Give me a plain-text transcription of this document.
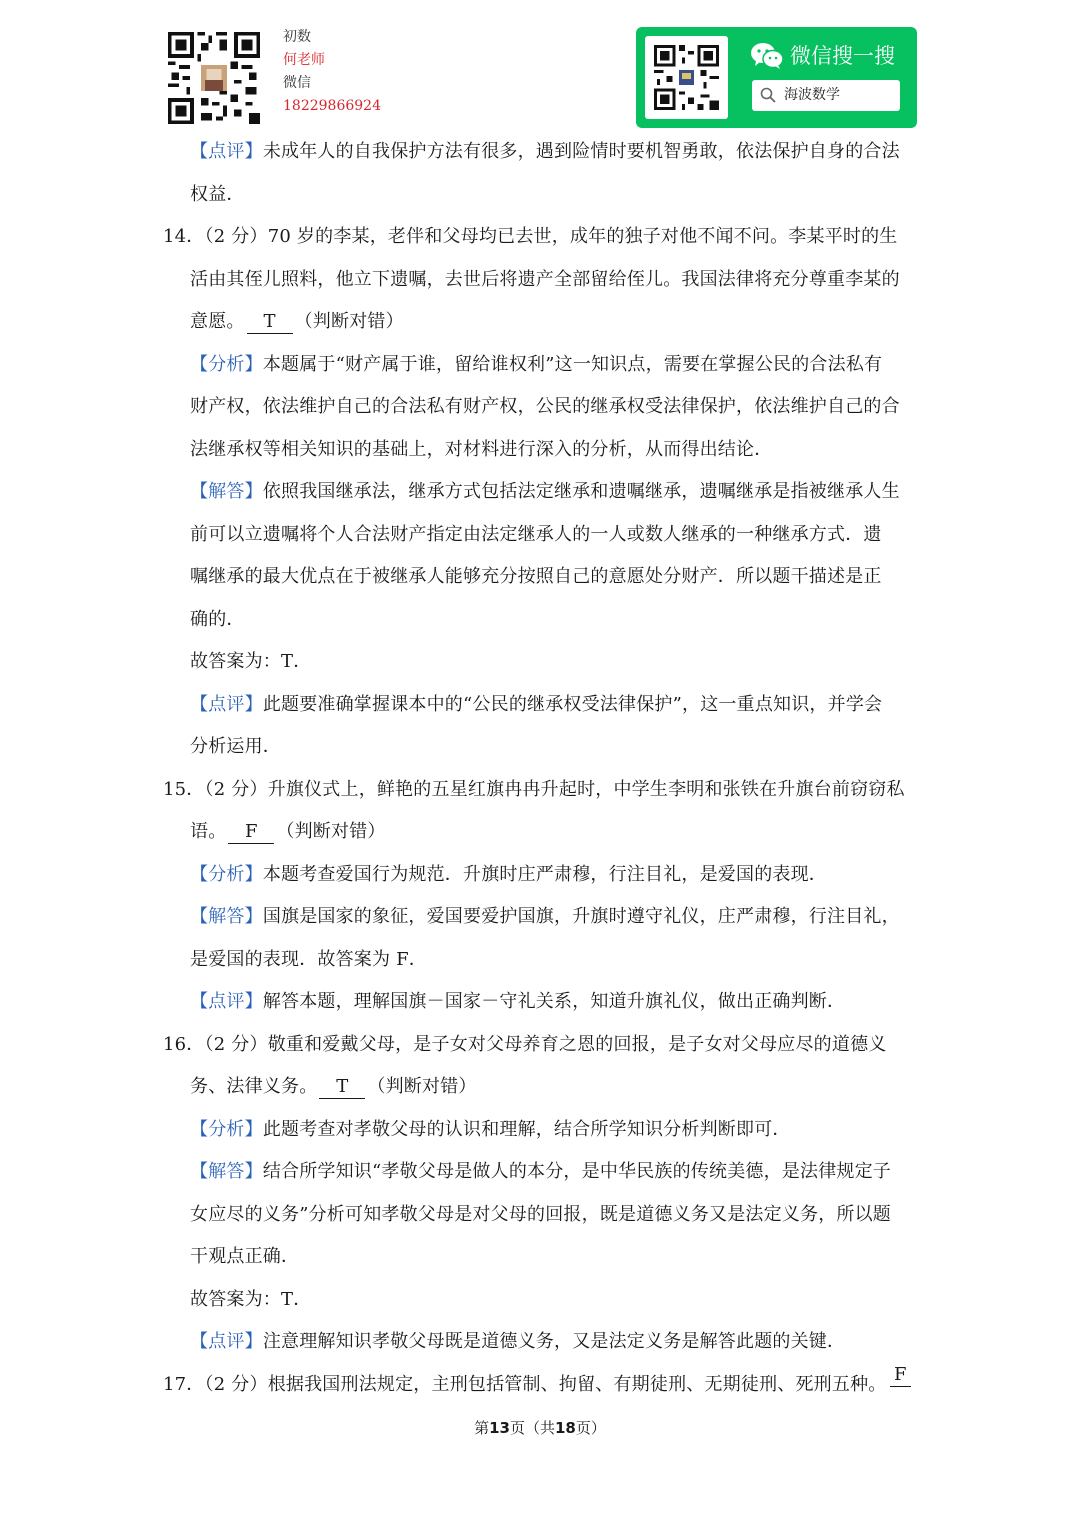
初数
何老师
微信
18229866924
微信搜一搜
海波数学
【点评】未成年人的自我保护方法有很多，遇到险情时要机智勇敢，依法保护自身的合法
权益．
14．（2 分）70 岁的李某，老伴和父母均已去世，成年的独子对他不闻不问。李某平时的生
活由其侄儿照料，他立下遗嘱，去世后将遗产全部留给侄儿。我国法律将充分尊重李某的
意愿。 T （判断对错）
【分析】本题属于“财产属于谁，留给谁权利”这一知识点，需要在掌握公民的合法私有
财产权，依法维护自己的合法私有财产权，公民的继承权受法律保护，依法维护自己的合
法继承权等相关知识的基础上，对材料进行深入的分析，从而得出结论．
【解答】依照我国继承法，继承方式包括法定继承和遗嘱继承，遗嘱继承是指被继承人生
前可以立遗嘱将个人合法财产指定由法定继承人的一人或数人继承的一种继承方式．遗
嘱继承的最大优点在于被继承人能够充分按照自己的意愿处分财产．所以题干描述是正
确的．
故答案为：T．
【点评】此题要准确掌握课本中的“公民的继承权受法律保护”，这一重点知识，并学会
分析运用．
15．（2 分）升旗仪式上，鲜艳的五星红旗冉冉升起时，中学生李明和张铁在升旗台前窃窃私
语。 F （判断对错）
【分析】本题考查爱国行为规范．升旗时庄严肃穆，行注目礼，是爱国的表现．
【解答】国旗是国家的象征，爱国要爱护国旗，升旗时遵守礼仪，庄严肃穆，行注目礼，
是爱国的表现．故答案为 F．
【点评】解答本题，理解国旗－国家－守礼关系，知道升旗礼仪，做出正确判断．
16．（2 分）敬重和爱戴父母，是子女对父母养育之恩的回报，是子女对父母应尽的道德义
务、法律义务。 T （判断对错）
【分析】此题考查对孝敬父母的认识和理解，结合所学知识分析判断即可．
【解答】结合所学知识“孝敬父母是做人的本分，是中华民族的传统美德，是法律规定子
女应尽的义务”分析可知孝敬父母是对父母的回报，既是道德义务又是法定义务，所以题
干观点正确．
故答案为：T．
【点评】注意理解知识孝敬父母既是道德义务，又是法定义务是解答此题的关键．
17．（2 分）根据我国刑法规定，主刑包括管制、拘留、有期徒刑、无期徒刑、死刑五种。 F
第13页（共18页）
